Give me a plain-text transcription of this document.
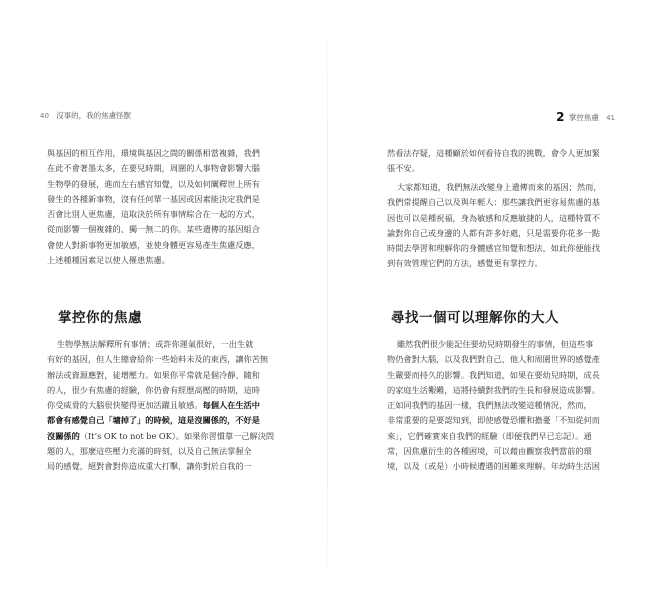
40 沒事的，我的焦慮怪獸
與基因的相互作用，環境與基因之間的關係相當複雜，我們
在此不會著墨太多，在要兒時期，周圍的人事物會影響大腦
生物學的發展，進而左右感官知覺，以及如何闡釋世上所有
發生的各種新事物，沒有任何單一基因或因素能決定我們是
否會比別人更焦慮，這取決於所有事情綜合在一起的方式，
從而影響一個複雜的、獨一無二的你。某些遺傳的基因組合
會使人對新事物更加敏感，並使身體更容易產生焦慮反應，
上述種種因素足以使人罹患焦慮。
掌控你的焦慮
生物學無法解釋所有事情；或許你運氣很好，一出生就
有好的基因，但人生總會給你一些始料未及的東西，讓你苦無
辦法或資源應對，徒增壓力。如果你平常就是個冷靜、隨和
的人，很少有焦慮的經驗，你仍會有經歷高壓的時期，這時
你受威脅的大腦很快變得更加活躍且敏感。每個人在生活中
都會有感覺自己「墉掉了」的時候，這是沒關係的，不好是
沒關係的（It’s OK to not be OK）。如果你習慣靠一己解決問
題的人，那麼這些壓力充滿的時刻，以及自己無法掌握全
局的感覺，絕對會對你造成重大打擊，讓你對於自我的一
2 掌控焦慮 41
然看法存疑，這種顧於如何看待自我的挑戰，會令人更加緊
張不安。
大家都知道，我們無法改變身上遺傳而來的基因；然而，
我們常提醒自己以及與年輕人：那些讓我們更容易焦慮的基
因也可以是種祝福，身為敏感和反應敏捷的人，這種特質不
論對你自己或身邊的人都有許多好處，只是需要你花多一點
時間去學習和理解你的身體感官知覺和想法，如此你便能找
到有效管理它們的方法，感覺更有掌控力。
尋找一個可以理解你的大人
雖然我們很少能記住要幼兒時期發生的事情，但這些事
物仍會對大腦，以及我們對自己、他人和周圍世界的感覺產
生嚴要而持久的影響。我們知道，如果在要幼兒時期，成長
的家庭生活艱難，這將持續對我們的生長和發展造成影響。
正如同我們的基因一樣，我們無法改變這種情況，然而，
非常重要的是要認知到，即使感覺恐懼和擔憂「不知從何而
來」，它們確實來自我們的經驗（即便我們早已忘記）。通
常，因焦慮衍生的各種困境，可以藉由觀察我們當前的環
境，以及（或是）小時候遭遇的困難來理解。年幼時生活困
